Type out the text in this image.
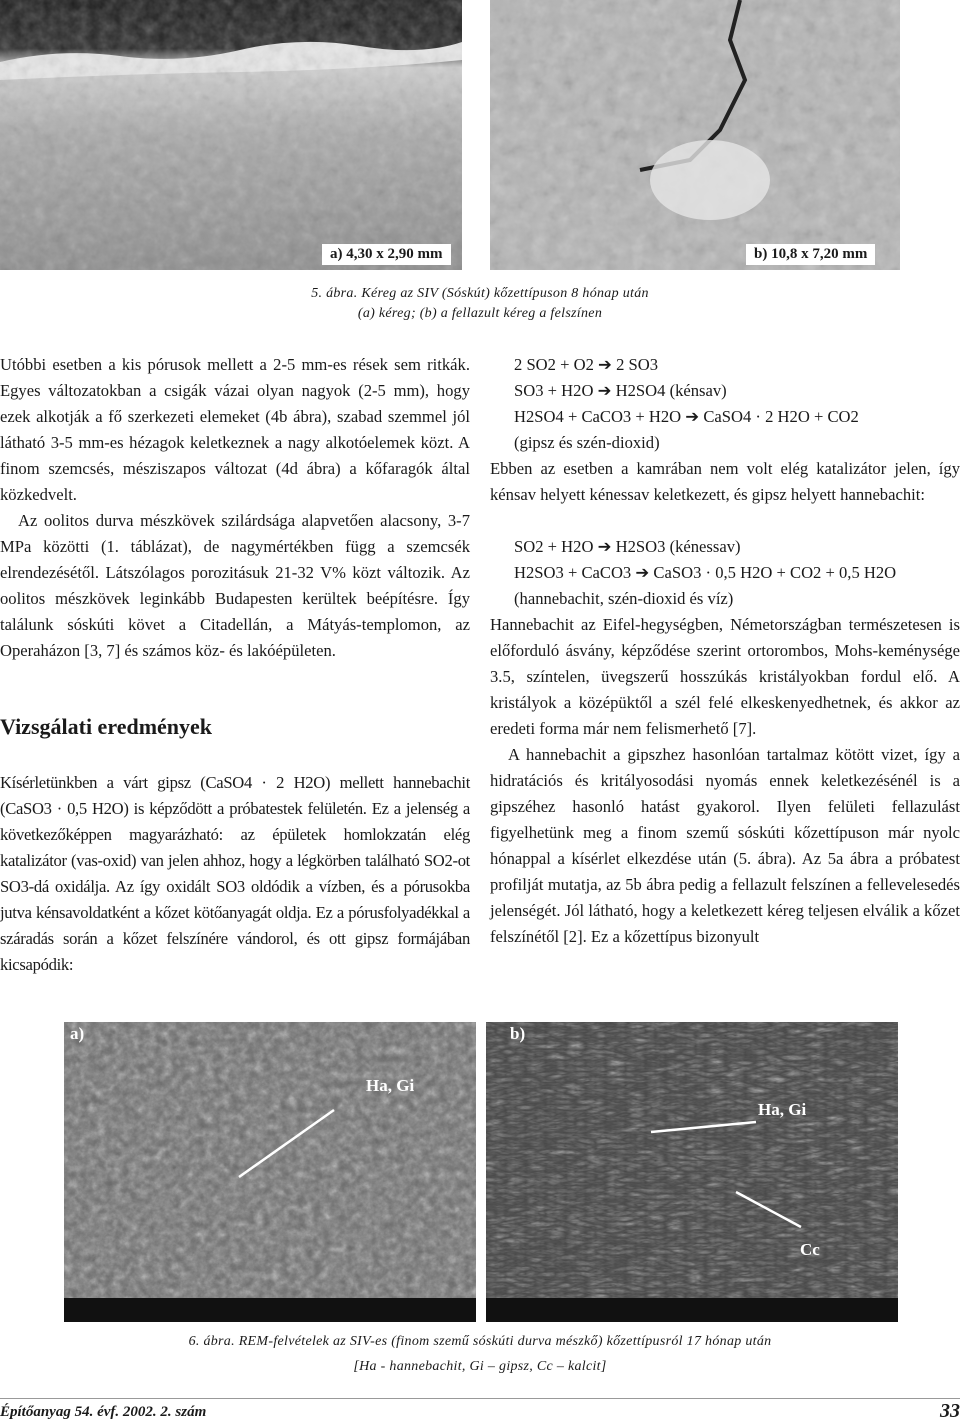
a) 4,30 x 2,90 mm	b) 10,8 x 7,20 mm
5. ábra. Kéreg az SIV (Sóskút) kőzettípuson 8 hónap után
(a) kéreg; (b) a fellazult kéreg a felszínen

Utóbbi esetben a kis pórusok mellett a 2-5 mm-es rések sem ritkák. Egyes változatokban a csigák vázai olyan nagyok (2-5 mm), hogy ezek alkotják a fő szerkezeti elemeket (4b ábra), szabad szemmel jól látható 3-5 mm-es hézagok keletkeznek a nagy alkotóelemek közt. A finom szemcsés, mésziszapos változat (4d ábra) a kőfaragók által közkedvelt.

Az oolitos durva mészkövek szilárdsága alapvetően alacsony, 3-7 MPa közötti (1. táblázat), de nagymértékben függ a szemcsék elrendezésétől. Látszólagos porozitásuk 21-32 V% közt változik. Az oolitos mészkövek leginkább Budapesten kerültek beépítésre. Így találunk sóskúti követ a Citadellán, a Mátyás-templomon, az Operaházon [3, 7] és számos köz- és lakóépületen.

Vizsgálati eredmények

Kísérletünkben a várt gipsz (CaSO4 · 2 H2O) mellett hannebachit (CaSO3 · 0,5 H2O) is képződött a próbatestek felületén. Ez a jelenség a következőképpen magyarázható: az épületek homlokzatán elég katalizátor (vas-oxid) van jelen ahhoz, hogy a légkörben található SO2-ot SO3-dá oxidálja. Az így oxidált SO3 oldódik a vízben, és a pórusokba jutva kénsavoldatként a kőzet kötőanyagát oldja. Ez a pórusfolyadékkal a száradás során a kőzet felszínére vándorol, és ott gipsz formájában kicsapódik:

2 SO2 + O2 ➔ 2 SO3
SO3 + H2O ➔ H2SO4 (kénsav)
H2SO4 + CaCO3 + H2O ➔ CaSO4 · 2 H2O + CO2
(gipsz és szén-dioxid)

Ebben az esetben a kamrában nem volt elég katalizátor jelen, így kénsav helyett kénessav keletkezett, és gipsz helyett hannebachit:

SO2 + H2O ➔ H2SO3 (kénessav)
H2SO3 + CaCO3 ➔ CaSO3 · 0,5 H2O + CO2 + 0,5 H2O
(hannebachit, szén-dioxid és víz)

Hannebachit az Eifel-hegységben, Németországban természetesen is előforduló ásvány, képződése szerint ortorombos, Mohs-keménysége 3.5, színtelen, üvegszerű hosszúkás kristályokban fordul elő. A kristályok a középüktől a szél felé elkeskenyedhetnek, és akkor az eredeti forma már nem felismerhető [7].

A hannebachit a gipszhez hasonlóan tartalmaz kötött vizet, így a hidratációs és kritályosodási nyomás ennek keletkezésénél is a gipszéhez hasonló hatást gyakorol. Ilyen felületi fellazulást figyelhetünk meg a finom szemű sóskúti kőzettípuson már nyolc hónappal a kísérlet elkezdése után (5. ábra). Az 5a ábra a próbatest profilját mutatja, az 5b ábra pedig a fellazult felszínen a fellevelesedés jelenségét. Jól látható, hogy a keletkezett kéreg teljesen elválik a kőzet felszínétől [2]. Ez a kőzettípus bizonyult

a)	b)
Ha, Gi
Ha, Gi
Cc
6. ábra. REM-felvételek az SIV-es (finom szemű sóskúti durva mészkő) kőzettípusról 17 hónap után
[Ha - hannebachit, Gi – gipsz, Cc – kalcit]
Építőanyag 54. évf. 2002. 2. szám	33
